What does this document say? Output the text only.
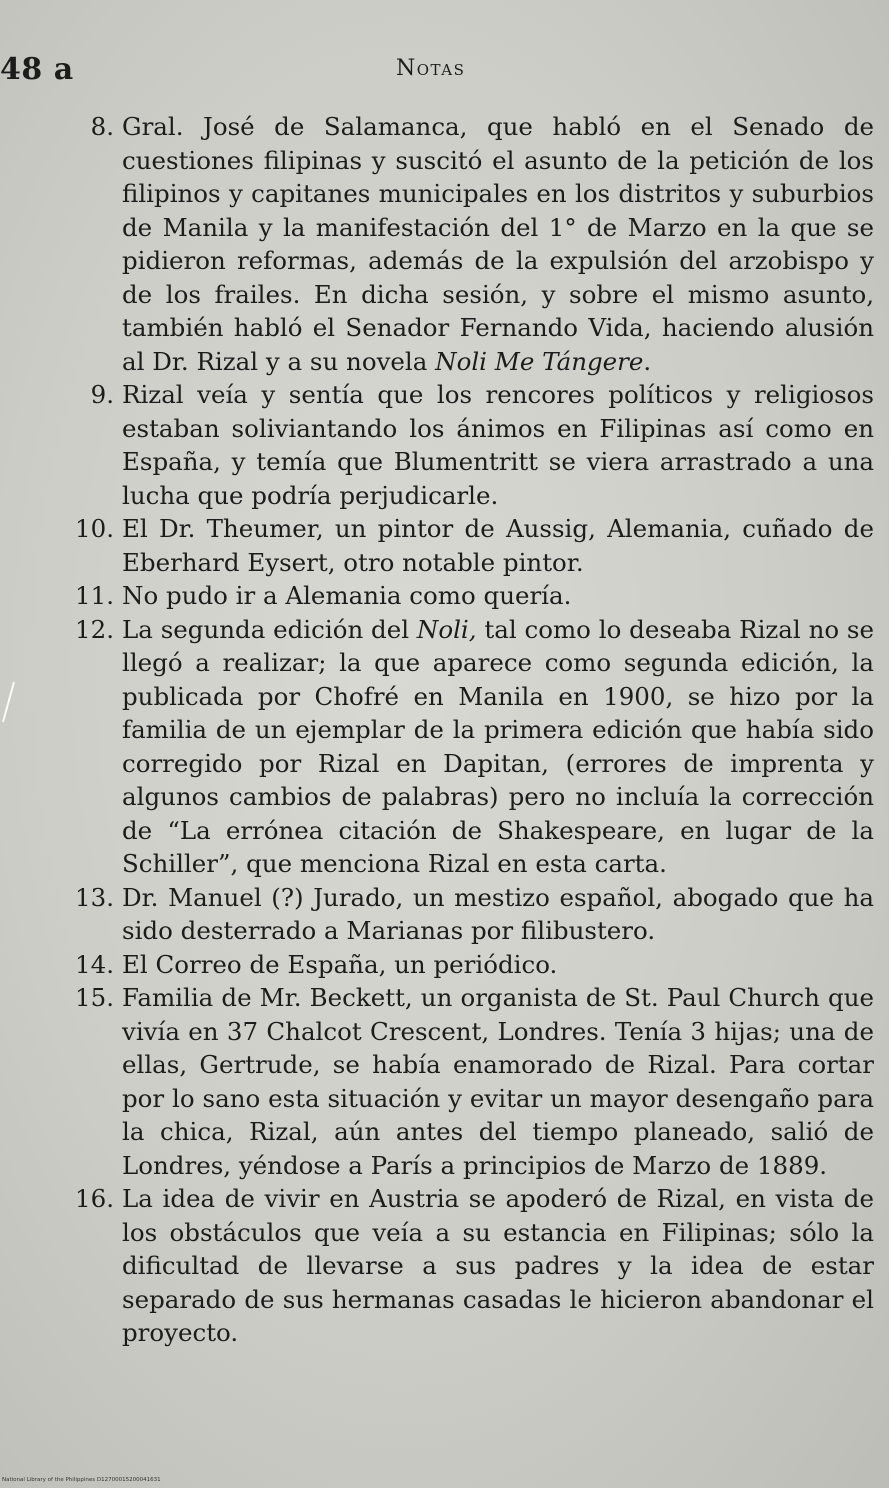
48 a	Notas
8. Gral. José de Salamanca, que habló en el Senado de cuestiones filipinas y suscitó el asunto de la petición de los filipinos y capitanes municipales en los distritos y suburbios de Manila y la manifestación del 1° de Marzo en la que se pidieron reformas, además de la expulsión del arzobispo y de los frailes. En dicha sesión, y sobre el mismo asunto, también habló el Senador Fernando Vida, haciendo alusión al Dr. Rizal y a su novela Noli Me Tángere.
9. Rizal veía y sentía que los rencores políticos y religiosos estaban soliviantando los ánimos en Filipinas así como en España, y temía que Blumentritt se viera arrastrado a una lucha que podría perjudicarle.
10. El Dr. Theumer, un pintor de Aussig, Alemania, cuñado de Eberhard Eysert, otro notable pintor.
11. No pudo ir a Alemania como quería.
12. La segunda edición del Noli, tal como lo deseaba Rizal no se llegó a realizar; la que aparece como segunda edición, la publicada por Chofré en Manila en 1900, se hizo por la familia de un ejemplar de la primera edición que había sido corregido por Rizal en Dapitan, (errores de imprenta y algunos cambios de palabras) pero no incluía la corrección de “La errónea citación de Shakespeare, en lugar de la Schiller”, que menciona Rizal en esta carta.
13. Dr. Manuel (?) Jurado, un mestizo español, abogado que ha sido desterrado a Marianas por filibustero.
14. El Correo de España, un periódico.
15. Familia de Mr. Beckett, un organista de St. Paul Church que vivía en 37 Chalcot Crescent, Londres. Tenía 3 hijas; una de ellas, Gertrude, se había enamorado de Rizal. Para cortar por lo sano esta situación y evitar un mayor desengaño para la chica, Rizal, aún antes del tiempo planeado, salió de Londres, yéndose a París a principios de Marzo de 1889.
16. La idea de vivir en Austria se apoderó de Rizal, en vista de los obstáculos que veía a su estancia en Filipinas; sólo la dificultad de llevarse a sus padres y la idea de estar separado de sus hermanas casadas le hicieron abandonar el proyecto.
National Library of the Philippines D12700015200041631
